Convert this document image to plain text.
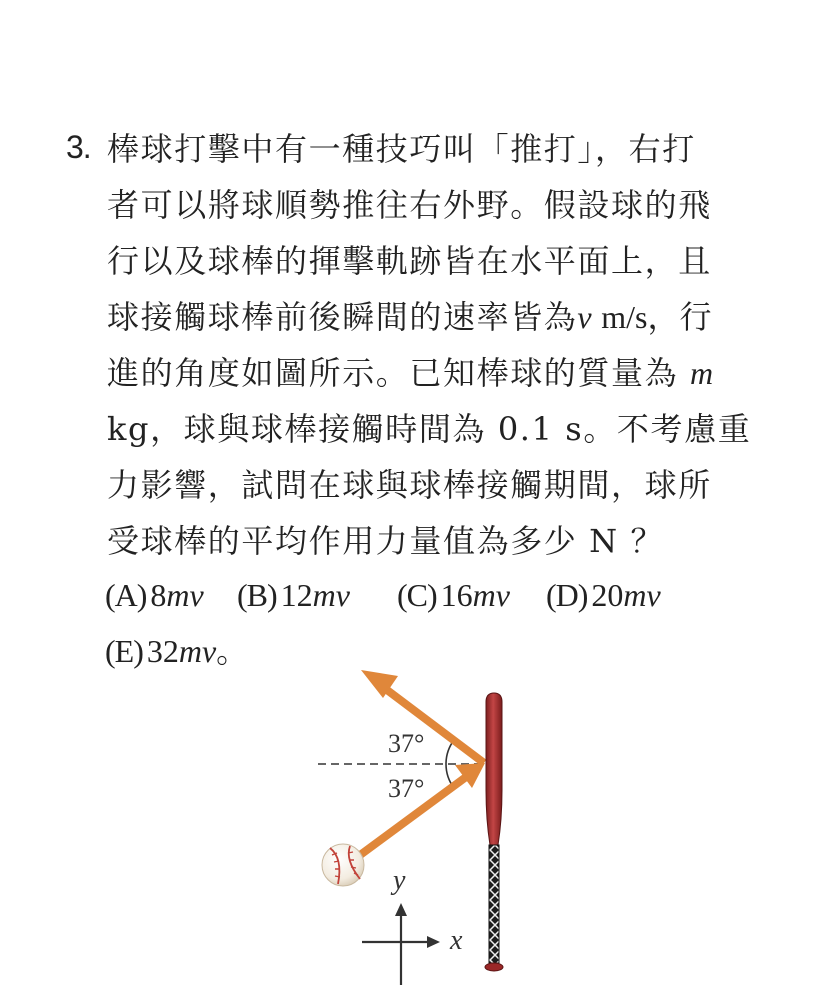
3. 棒球打擊中有一種技巧叫「推打」，右打
者可以將球順勢推往右外野。假設球的飛
行以及球棒的揮擊軌跡皆在水平面上，且
球接觸球棒前後瞬間的速率皆為v m/s，行
進的角度如圖所示。已知棒球的質量為 m
kg，球與球棒接觸時間為 0.1 s。不考慮重
力影響，試問在球與球棒接觸期間，球所
受球棒的平均作用力量值為多少 N ？
(A) 8mv (B) 12mv (C) 16mv (D) 20mv
(E) 32mv。
37°
37°
y
x
